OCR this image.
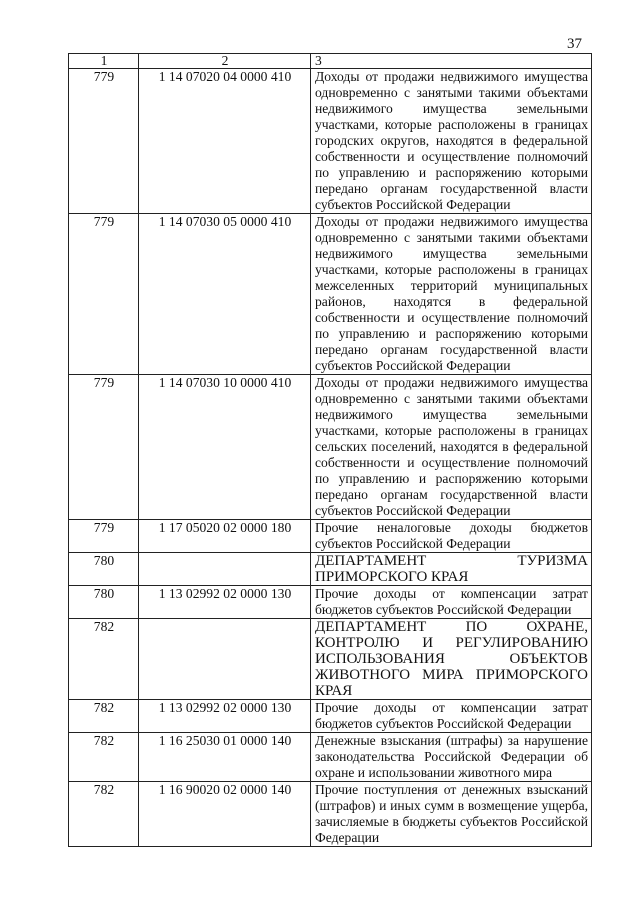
37
1	2	3
779	1 14 07020 04 0000 410	Доходы от продажи недвижимого имущества одновременно с занятыми такими объектами недвижимого имущества земельными участками, которые расположены в границах городских округов, находятся в федеральной собственности и осуществление полномочий по управлению и распоряжению которыми передано органам государственной власти субъектов Российской Федерации
779	1 14 07030 05 0000 410	Доходы от продажи недвижимого имущества одновременно с занятыми такими объектами недвижимого имущества земельными участками, которые расположены в границах межселенных территорий муниципальных районов, находятся в федеральной собственности и осуществление полномочий по управлению и распоряжению которыми передано органам государственной власти субъектов Российской Федерации
779	1 14 07030 10 0000 410	Доходы от продажи недвижимого имущества одновременно с занятыми такими объектами недвижимого имущества земельными участками, которые расположены в границах сельских поселений, находятся в федеральной собственности и осуществление полномочий по управлению и распоряжению которыми передано органам государственной власти субъектов Российской Федерации
779	1 17 05020 02 0000 180	Прочие неналоговые доходы бюджетов субъектов Российской Федерации
780		ДЕПАРТАМЕНТ ТУРИЗМА ПРИМОРСКОГО КРАЯ
780	1 13 02992 02 0000 130	Прочие доходы от компенсации затрат бюджетов субъектов Российской Федерации
782		ДЕПАРТАМЕНТ ПО ОХРАНЕ, КОНТРОЛЮ И РЕГУЛИРОВАНИЮ ИСПОЛЬЗОВАНИЯ ОБЪЕКТОВ ЖИВОТНОГО МИРА ПРИМОРСКОГО КРАЯ
782	1 13 02992 02 0000 130	Прочие доходы от компенсации затрат бюджетов субъектов Российской Федерации
782	1 16 25030 01 0000 140	Денежные взыскания (штрафы) за нарушение законодательства Российской Федерации об охране и использовании животного мира
782	1 16 90020 02 0000 140	Прочие поступления от денежных взысканий (штрафов) и иных сумм в возмещение ущерба, зачисляемые в бюджеты субъектов Российской Федерации
